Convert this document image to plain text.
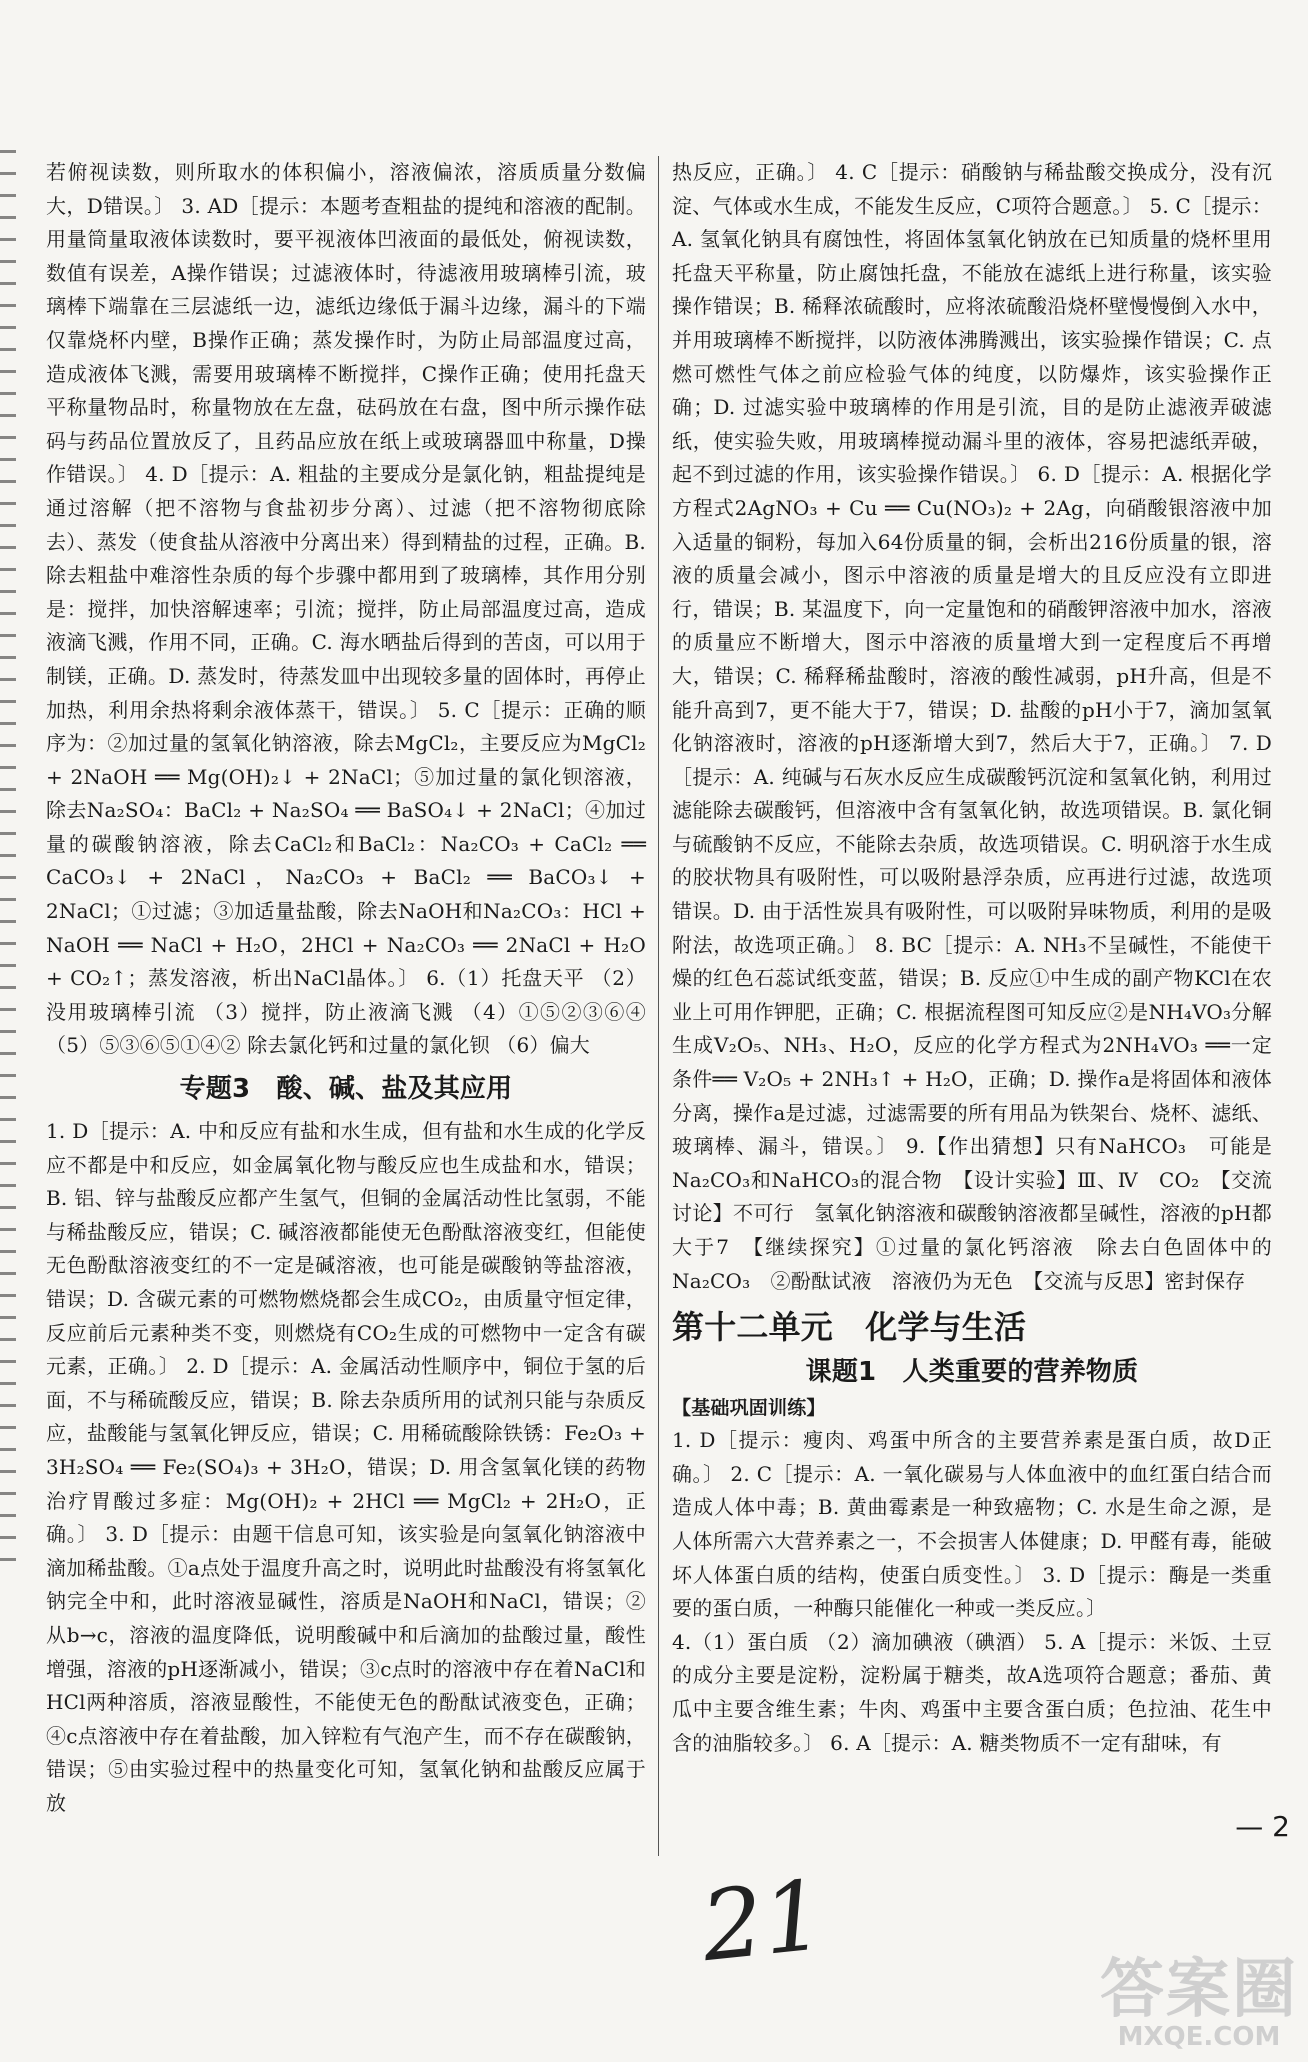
若俯视读数，则所取水的体积偏小，溶液偏浓，溶质质量分数偏大，D错误。〕 3. AD［提示：本题考查粗盐的提纯和溶液的配制。用量筒量取液体读数时，要平视液体凹液面的最低处，俯视读数，数值有误差，A操作错误；过滤液体时，待滤液用玻璃棒引流，玻璃棒下端靠在三层滤纸一边，滤纸边缘低于漏斗边缘，漏斗的下端仅靠烧杯内壁，B操作正确；蒸发操作时，为防止局部温度过高，造成液体飞溅，需要用玻璃棒不断搅拌，C操作正确；使用托盘天平称量物品时，称量物放在左盘，砝码放在右盘，图中所示操作砝码与药品位置放反了，且药品应放在纸上或玻璃器皿中称量，D操作错误。〕 4. D［提示：A. 粗盐的主要成分是氯化钠，粗盐提纯是通过溶解（把不溶物与食盐初步分离）、过滤（把不溶物彻底除去）、蒸发（使食盐从溶液中分离出来）得到精盐的过程，正确。B. 除去粗盐中难溶性杂质的每个步骤中都用到了玻璃棒，其作用分别是：搅拌，加快溶解速率；引流；搅拌，防止局部温度过高，造成液滴飞溅，作用不同，正确。C. 海水晒盐后得到的苦卤，可以用于制镁，正确。D. 蒸发时，待蒸发皿中出现较多量的固体时，再停止加热，利用余热将剩余液体蒸干，错误。〕 5. C［提示：正确的顺序为：②加过量的氢氧化钠溶液，除去MgCl₂，主要反应为MgCl₂ + 2NaOH ══ Mg(OH)₂↓ + 2NaCl；⑤加过量的氯化钡溶液，除去Na₂SO₄：BaCl₂ + Na₂SO₄ ══ BaSO₄↓ + 2NaCl；④加过量的碳酸钠溶液，除去CaCl₂和BaCl₂：Na₂CO₃ + CaCl₂ ══ CaCO₃↓ + 2NaCl，Na₂CO₃ + BaCl₂ ══ BaCO₃↓ + 2NaCl；①过滤；③加适量盐酸，除去NaOH和Na₂CO₃：HCl + NaOH ══ NaCl + H₂O，2HCl + Na₂CO₃ ══ 2NaCl + H₂O + CO₂↑；蒸发溶液，析出NaCl晶体。〕 6.（1）托盘天平 （2）没用玻璃棒引流 （3）搅拌，防止液滴飞溅 （4）①⑤②③⑥④ （5）⑤③⑥⑤①④② 除去氯化钙和过量的氯化钡 （6）偏大

专题3　酸、碱、盐及其应用

1. D［提示：A. 中和反应有盐和水生成，但有盐和水生成的化学反应不都是中和反应，如金属氧化物与酸反应也生成盐和水，错误；B. 铝、锌与盐酸反应都产生氢气，但铜的金属活动性比氢弱，不能与稀盐酸反应，错误；C. 碱溶液都能使无色酚酞溶液变红，但能使无色酚酞溶液变红的不一定是碱溶液，也可能是碳酸钠等盐溶液，错误；D. 含碳元素的可燃物燃烧都会生成CO₂，由质量守恒定律，反应前后元素种类不变，则燃烧有CO₂生成的可燃物中一定含有碳元素，正确。〕 2. D［提示：A. 金属活动性顺序中，铜位于氢的后面，不与稀硫酸反应，错误；B. 除去杂质所用的试剂只能与杂质反应，盐酸能与氢氧化钾反应，错误；C. 用稀硫酸除铁锈：Fe₂O₃ + 3H₂SO₄ ══ Fe₂(SO₄)₃ + 3H₂O，错误；D. 用含氢氧化镁的药物治疗胃酸过多症：Mg(OH)₂ + 2HCl ══ MgCl₂ + 2H₂O，正确。〕 3. D［提示：由题干信息可知，该实验是向氢氧化钠溶液中滴加稀盐酸。①a点处于温度升高之时，说明此时盐酸没有将氢氧化钠完全中和，此时溶液显碱性，溶质是NaOH和NaCl，错误；②从b→c，溶液的温度降低，说明酸碱中和后滴加的盐酸过量，酸性增强，溶液的pH逐渐减小，错误；③c点时的溶液中存在着NaCl和HCl两种溶质，溶液显酸性，不能使无色的酚酞试液变色，正确；④c点溶液中存在着盐酸，加入锌粒有气泡产生，而不存在碳酸钠，错误；⑤由实验过程中的热量变化可知，氢氧化钠和盐酸反应属于放

热反应，正确。〕 4. C［提示：硝酸钠与稀盐酸交换成分，没有沉淀、气体或水生成，不能发生反应，C项符合题意。〕 5. C［提示：A. 氢氧化钠具有腐蚀性，将固体氢氧化钠放在已知质量的烧杯里用托盘天平称量，防止腐蚀托盘，不能放在滤纸上进行称量，该实验操作错误；B. 稀释浓硫酸时，应将浓硫酸沿烧杯壁慢慢倒入水中，并用玻璃棒不断搅拌，以防液体沸腾溅出，该实验操作错误；C. 点燃可燃性气体之前应检验气体的纯度，以防爆炸，该实验操作正确；D. 过滤实验中玻璃棒的作用是引流，目的是防止滤液弄破滤纸，使实验失败，用玻璃棒搅动漏斗里的液体，容易把滤纸弄破，起不到过滤的作用，该实验操作错误。〕 6. D［提示：A. 根据化学方程式2AgNO₃ + Cu ══ Cu(NO₃)₂ + 2Ag，向硝酸银溶液中加入适量的铜粉，每加入64份质量的铜，会析出216份质量的银，溶液的质量会减小，图示中溶液的质量是增大的且反应没有立即进行，错误；B. 某温度下，向一定量饱和的硝酸钾溶液中加水，溶液的质量应不断增大，图示中溶液的质量增大到一定程度后不再增大，错误；C. 稀释稀盐酸时，溶液的酸性减弱，pH升高，但是不能升高到7，更不能大于7，错误；D. 盐酸的pH小于7，滴加氢氧化钠溶液时，溶液的pH逐渐增大到7，然后大于7，正确。〕 7. D［提示：A. 纯碱与石灰水反应生成碳酸钙沉淀和氢氧化钠，利用过滤能除去碳酸钙，但溶液中含有氢氧化钠，故选项错误。B. 氯化铜与硫酸钠不反应，不能除去杂质，故选项错误。C. 明矾溶于水生成的胶状物具有吸附性，可以吸附悬浮杂质，应再进行过滤，故选项错误。D. 由于活性炭具有吸附性，可以吸附异味物质，利用的是吸附法，故选项正确。〕 8. BC［提示：A. NH₃不呈碱性，不能使干燥的红色石蕊试纸变蓝，错误；B. 反应①中生成的副产物KCl在农业上可用作钾肥，正确；C. 根据流程图可知反应②是NH₄VO₃分解生成V₂O₅、NH₃、H₂O，反应的化学方程式为2NH₄VO₃ ══一定条件══ V₂O₅ + 2NH₃↑ + H₂O，正确；D. 操作a是将固体和液体分离，操作a是过滤，过滤需要的所有用品为铁架台、烧杯、滤纸、玻璃棒、漏斗，错误。〕 9.【作出猜想】只有NaHCO₃　可能是Na₂CO₃和NaHCO₃的混合物　【设计实验】Ⅲ、Ⅳ　CO₂　【交流讨论】不可行　氢氧化钠溶液和碳酸钠溶液都呈碱性，溶液的pH都大于7　【继续探究】①过量的氯化钙溶液　除去白色固体中的Na₂CO₃　②酚酞试液　溶液仍为无色　【交流与反思】密封保存

第十二单元　化学与生活
课题1　人类重要的营养物质
【基础巩固训练】

1. D［提示：瘦肉、鸡蛋中所含的主要营养素是蛋白质，故D正确。〕 2. C［提示：A. 一氧化碳易与人体血液中的血红蛋白结合而造成人体中毒；B. 黄曲霉素是一种致癌物；C. 水是生命之源，是人体所需六大营养素之一，不会损害人体健康；D. 甲醛有毒，能破坏人体蛋白质的结构，使蛋白质变性。〕 3. D［提示：酶是一类重要的蛋白质，一种酶只能催化一种或一类反应。〕

4.（1）蛋白质 （2）滴加碘液（碘酒） 5. A［提示：米饭、土豆的成分主要是淀粉，淀粉属于糖类，故A选项符合题意；番茄、黄瓜中主要含维生素；牛肉、鸡蛋中主要含蛋白质；色拉油、花生中含的油脂较多。〕 6. A［提示：A. 糖类物质不一定有甜味，有

— 2
21
答案圈
MXQE.COM
